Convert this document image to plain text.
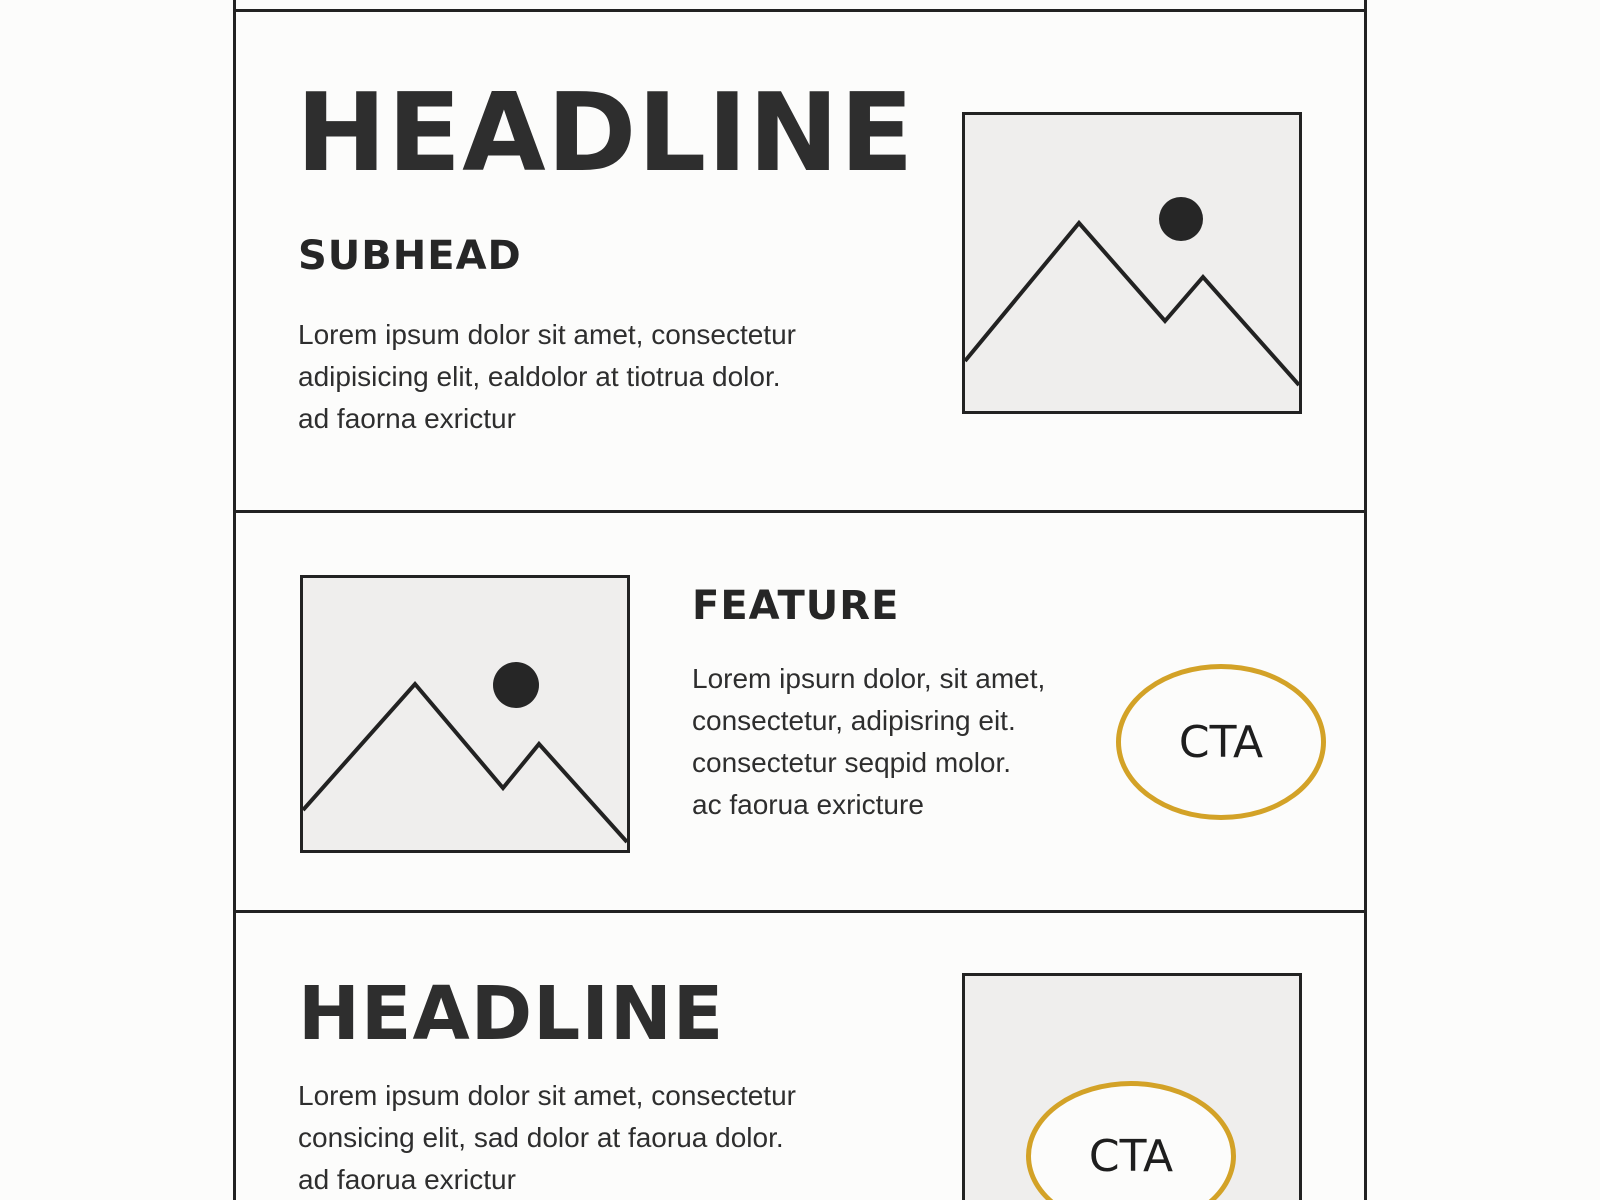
HEADLINE
SUBHEAD
Lorem ipsum dolor sit amet, consectetur
adipisicing elit, ealdolor at tiotrua dolor.
ad faorna exrictur
FEATURE
Lorem ipsurn dolor, sit amet,
consectetur, adipisring eit.
consectetur seqpid molor.
ac faorua exricture
CTA
HEADLINE
Lorem ipsum dolor sit amet, consectetur
consicing elit, sad dolor at faorua dolor.
ad faorua exrictur	CTA
